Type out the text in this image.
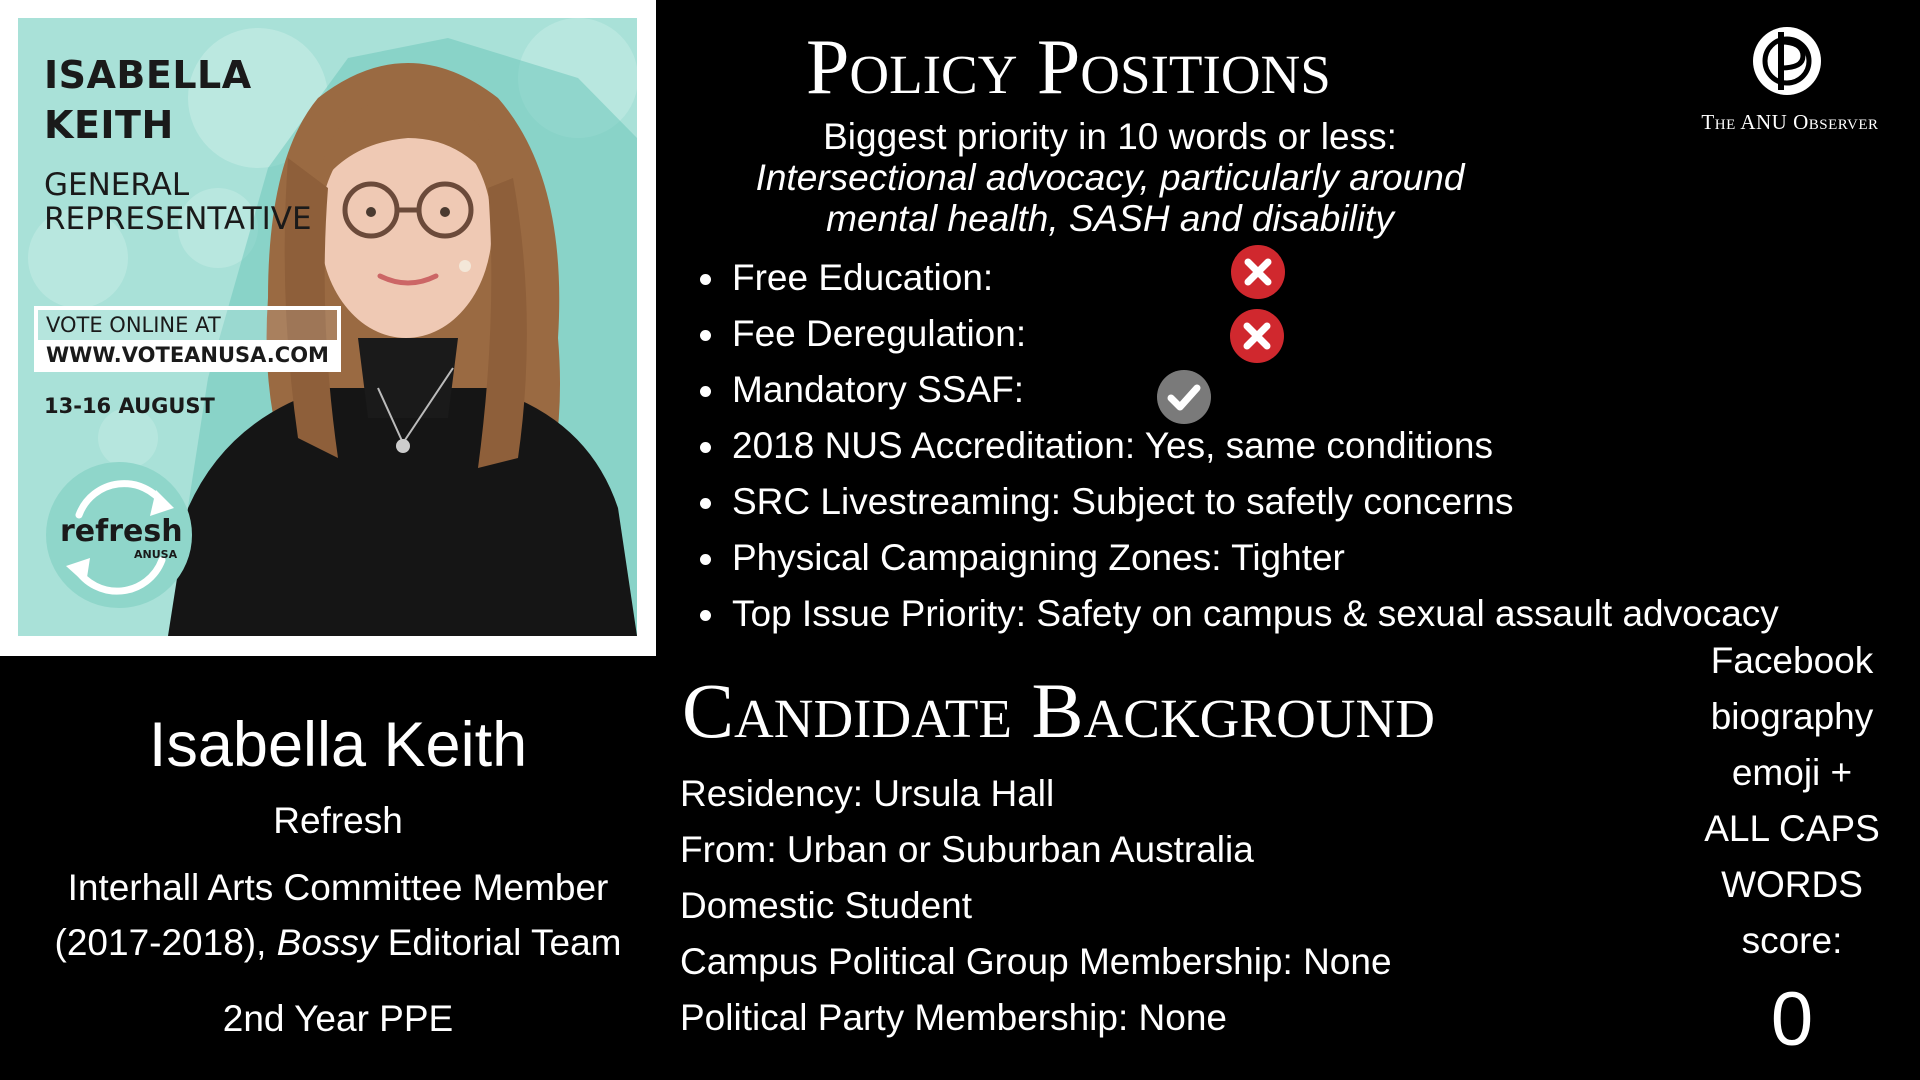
ISABELLA
KEITH
GENERAL
REPRESENTATIVE
VOTE ONLINE AT
WWW.VOTEANUSA.COM
13-16 AUGUST
refresh
ANUSA
Isabella Keith
Refresh
Interhall Arts Committee Member
(2017-2018), Bossy Editorial Team
2nd Year PPE
Policy Positions
Biggest priority in 10 words or less:
Intersectional advocacy, particularly around
mental health, SASH and disability
Free Education:
Fee Deregulation:
Mandatory SSAF:
2018 NUS Accreditation: Yes, same conditions
SRC Livestreaming: Subject to safetly concerns
Physical Campaigning Zones: Tighter
Top Issue Priority: Safety on campus & sexual assault advocacy
Candidate Background
Residency: Ursula Hall
From: Urban or Suburban Australia
Domestic Student
Campus Political Group Membership: None
Political Party Membership: None
The ANU Observer
Facebook
biography
emoji +
ALL CAPS
WORDS
score:
0
